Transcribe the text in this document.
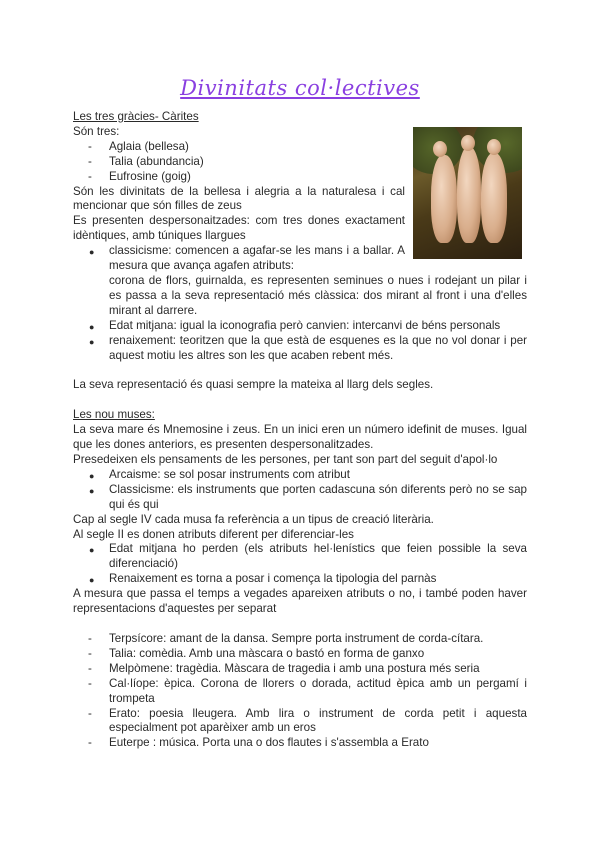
Divinitats col·lectives

Les tres gràcies- Càrites

Són tres:

- Aglaia (bellesa)
- Talia (abundancia)
- Eufrosine (goig)

Són les divinitats de la bellesa i alegria a la naturalesa i cal mencionar que són filles de zeus

Es presenten despersonaitzades: com tres dones exactament idèntiques, amb túniques llargues

● classicisme: comencen a agafar-se les mans i a ballar. A mesura que avança agafen atributs:

corona de flors, guirnalda, es representen seminues o nues i rodejant un pilar i es passa a la seva representació més clàssica: dos mirant al front i una d'elles mirant al darrere.

● Edat mitjana: igual la iconografia però canvien: intercanvi de béns personals
● renaixement: teoritzen que la que està de esquenes es la que no vol donar i per aquest motiu les altres son les que acaben rebent més.

La seva representació és quasi sempre la mateixa al llarg dels segles.

Les nou muses:

La seva mare és Mnemosine i zeus. En un inici eren un número idefinit de muses. Igual que les dones anteriors, es presenten despersonalitzades.

Presedeixen els pensaments de les persones, per tant son part del seguit d'apol·lo

● Arcaisme: se sol posar instruments com atribut
● Classicisme: els instruments que porten cadascuna són diferents però no se sap qui és qui

Cap al segle IV cada musa fa referència a un tipus de creació literària.

Al segle II es donen atributs diferent per diferenciar-les

● Edat mitjana ho perden (els atributs hel·lenístics que feien possible la seva diferenciació)
● Renaixement es torna a posar i comença la tipologia del parnàs

A mesura que passa el temps a vegades apareixen atributs o no, i també poden haver representacions d'aquestes per separat

- Terpsícore: amant de la dansa. Sempre porta instrument de corda-cítara.
- Talia: comèdia. Amb una màscara o bastó en forma de ganxo
- Melpòmene: tragèdia. Màscara de tragedia i amb una postura més seria
- Cal·líope: èpica. Corona de llorers o dorada, actitud èpica amb un pergamí i trompeta
- Erato: poesia lleugera. Amb lira o instrument de corda petit i aquesta especialment pot aparèixer amb un eros
- Euterpe : música. Porta una o dos flautes i s'assembla a Erato
